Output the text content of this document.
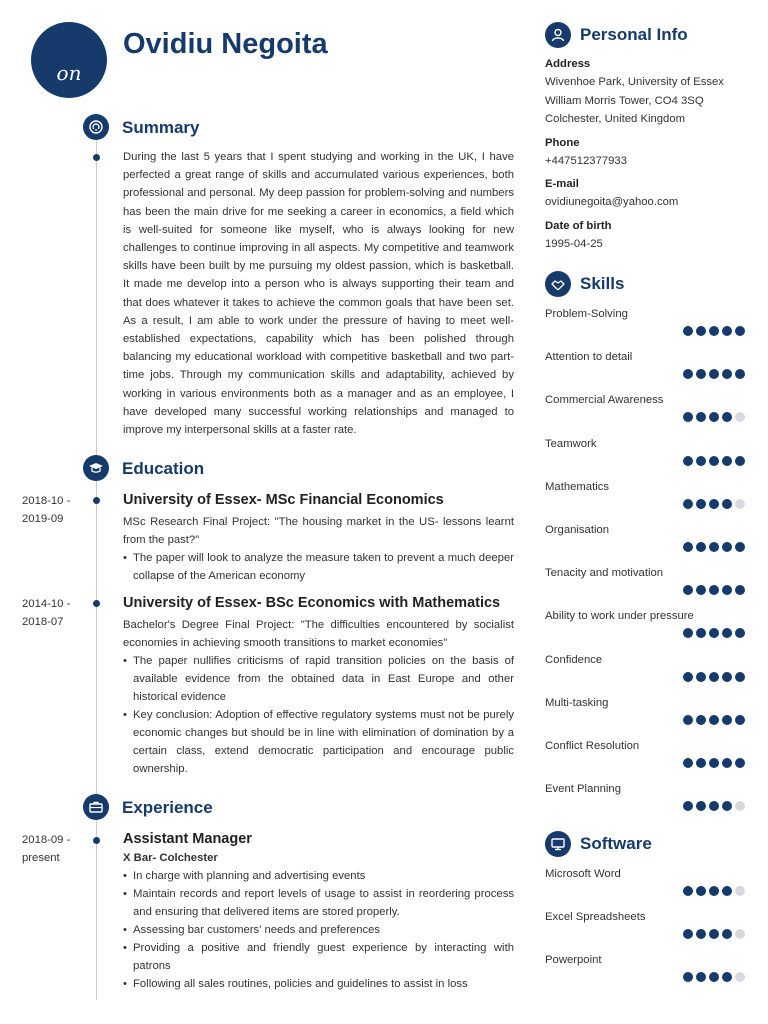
on
Ovidiu Negoita
Summary

During the last 5 years that I spent studying and working in the UK, I have perfected a great range of skills and accumulated various experiences, both professional and personal. My deep passion for problem-solving and numbers has been the main drive for me seeking a career in economics, a field which is well-suited for someone like myself, who is always looking for new challenges to continue improving in all aspects. My competitive and teamwork skills have been built by me pursuing my oldest passion, which is basketball. It made me develop into a person who is always supporting their team and that does whatever it takes to achieve the common goals that have been set. As a result, I am able to work under the pressure of having to meet well-established expectations, capability which has been polished through balancing my educational workload with competitive basketball and two part-time jobs. Through my communication skills and adaptability, achieved by working in various environments both as a manager and as an employee, I have developed many successful working relationships and managed to improve my interpersonal skills at a faster rate.

Education
2018-10 -
2019-09
University of Essex- MSc Financial Economics

MSc Research Final Project: "The housing market in the US- lessons learnt from the past?"

• The paper will look to analyze the measure taken to prevent a much deeper collapse of the American economy
2014-10 -
2018-07
University of Essex- BSc Economics with Mathematics

Bachelor's Degree Final Project: "The difficulties encountered by socialist economies in achieving smooth transitions to market economies"

• The paper nullifies criticisms of rapid transition policies on the basis of available evidence from the obtained data in East Europe and other historical evidence
• Key conclusion: Adoption of effective regulatory systems must not be purely economic changes but should be in line with elimination of domination by a certain class, extend democratic participation and encourage public ownership.
Experience
2018-09 -
present
Assistant Manager
X Bar- Colchester
• In charge with planning and advertising events
• Maintain records and report levels of usage to assist in reordering process and ensuring that delivered items are stored properly.
• Assessing bar customers' needs and preferences
• Providing a positive and friendly guest experience by interacting with patrons
• Following all sales routines, policies and guidelines to assist in loss
Personal Info
Address
Wivenhoe Park, University of Essex
William Morris Tower, CO4 3SQ
Colchester, United Kingdom
Phone
+447512377933
E-mail
ovidiunegoita@yahoo.com
Date of birth
1995-04-25
Skills
Problem-Solving
Attention to detail
Commercial Awareness
Teamwork
Mathematics
Organisation
Tenacity and motivation
Ability to work under pressure
Confidence
Multi-tasking
Conflict Resolution
Event Planning
Software
Microsoft Word
Excel Spreadsheets
Powerpoint
